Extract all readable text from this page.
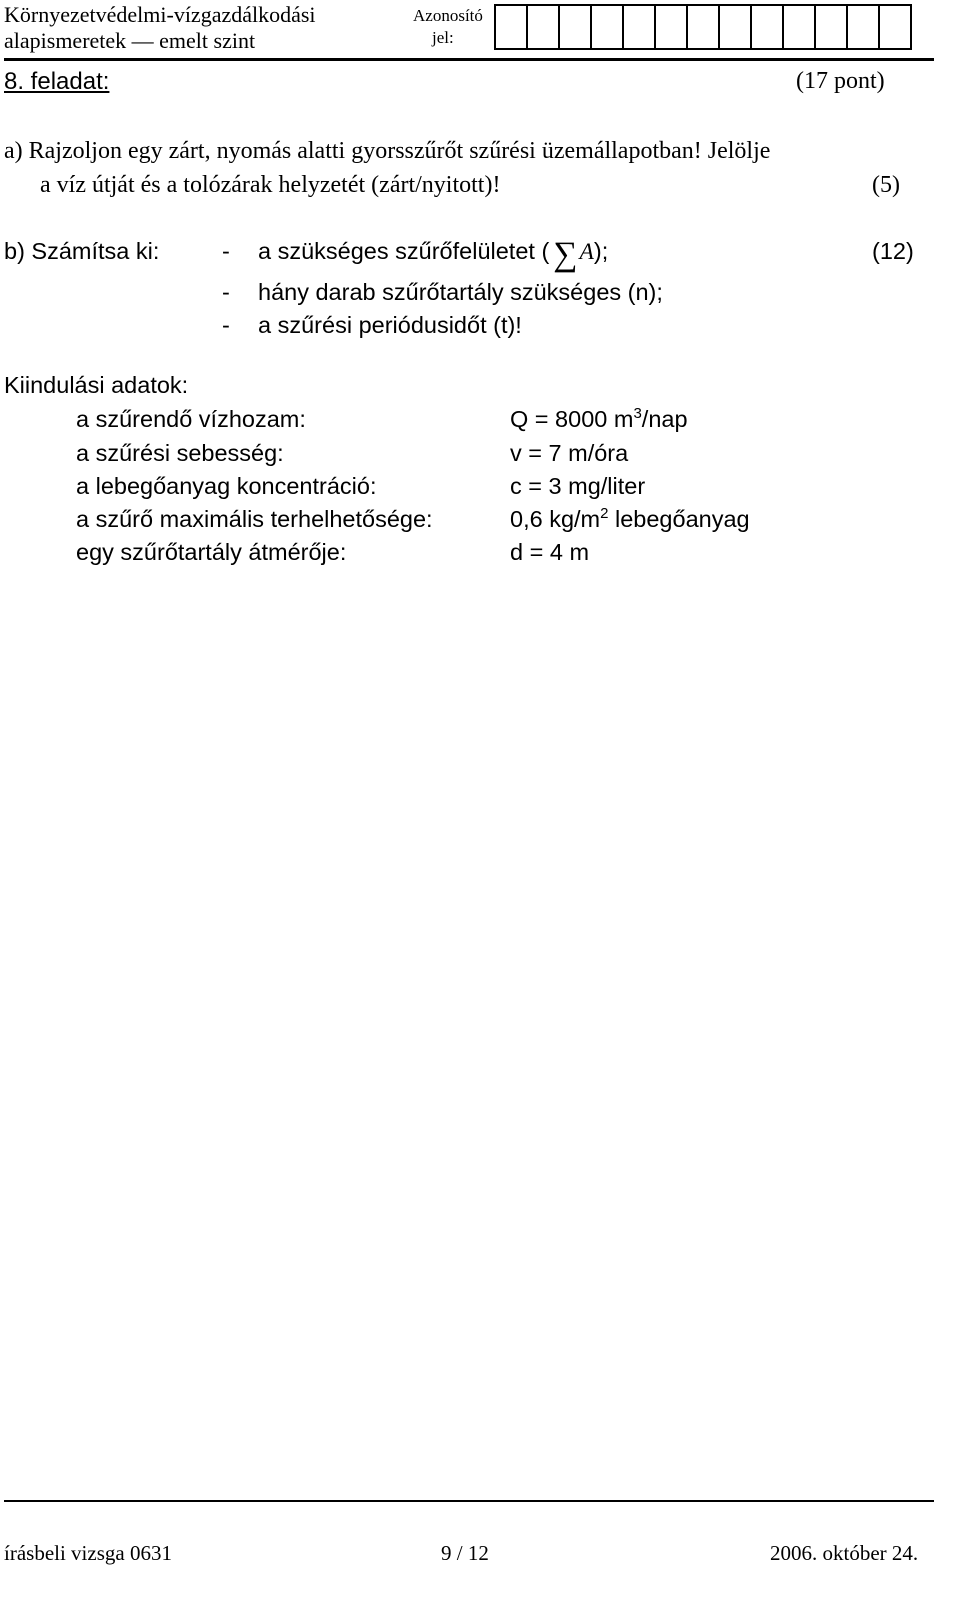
Környezetvédelmi-vízgazdálkodási
alapismeretek — emelt szint
Azonosító
jel:
8. feladat:	(17 pont)
a) Rajzoljon egy zárt, nyomás alatti gyorsszűrőt szűrési üzemállapotban! Jelölje
a víz útját és a tolózárak helyzetét (zárt/nyitott)!	(5)
b) Számítsa ki:	- a szükséges szűrőfelületet ( ∑A);	(12)
- hány darab szűrőtartály szükséges (n);
- a szűrési periódusidőt (t)!
Kiindulási adatok:
a szűrendő vízhozam:	Q = 8000 $m^3$/nap
a szűrési sebesség:	v = 7 m/óra
a lebegőanyag koncentráció:	c = 3 mg/liter
a szűrő maximális terhelhetősége:	0,6 $kg/m^2$ lebegőanyag
egy szűrőtartály átmérője:	d = 4 m
írásbeli vizsga 0631	9 / 12	2006. október 24.
